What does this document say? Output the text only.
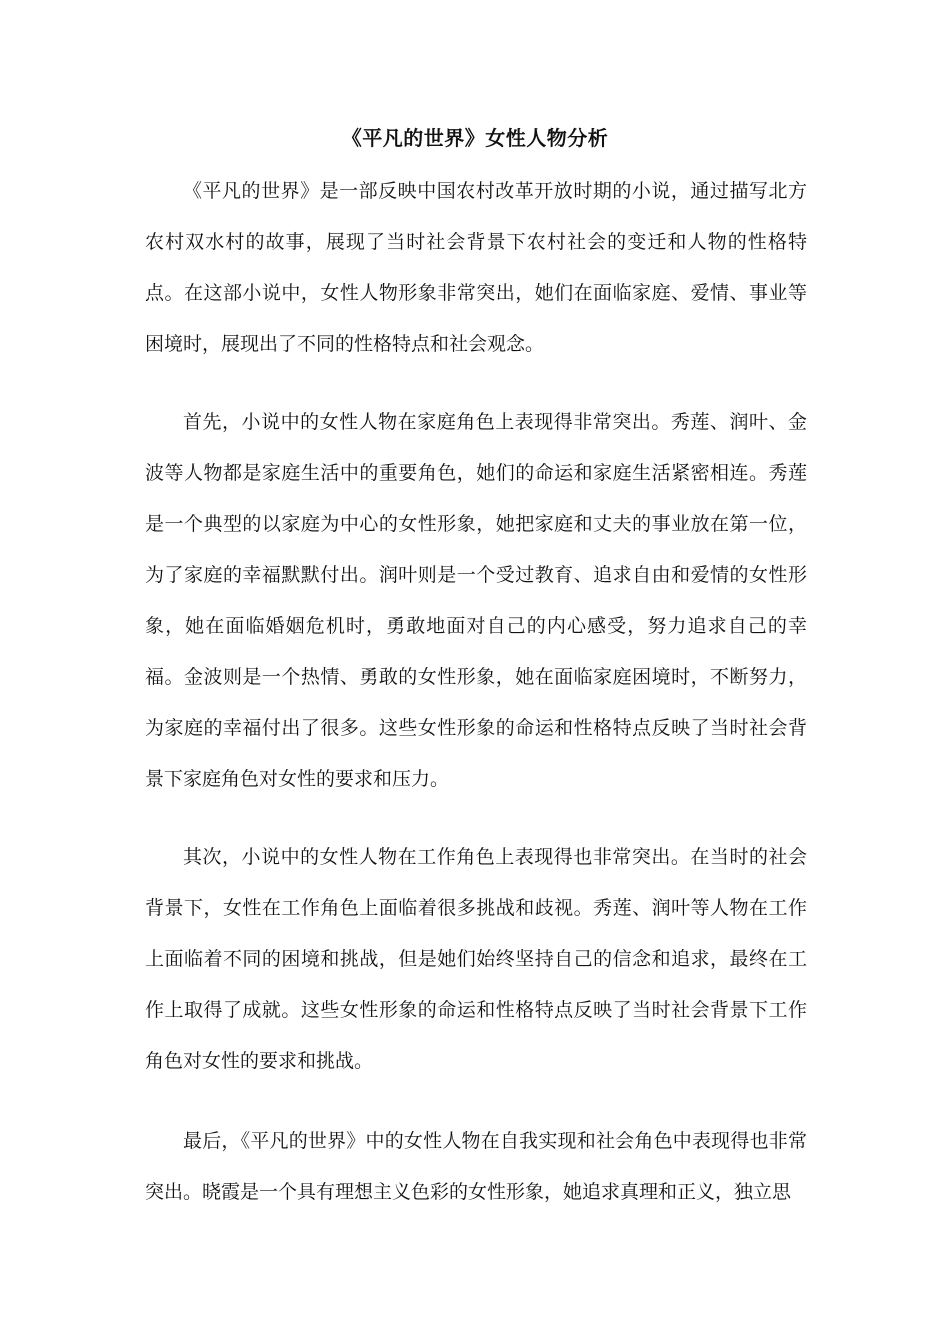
《平凡的世界》女性人物分析

《平凡的世界》是一部反映中国农村改革开放时期的小说，通过描写北方农村双水村的故事，展现了当时社会背景下农村社会的变迁和人物的性格特点。在这部小说中，女性人物形象非常突出，她们在面临家庭、爱情、事业等困境时，展现出了不同的性格特点和社会观念。

首先，小说中的女性人物在家庭角色上表现得非常突出。秀莲、润叶、金波等人物都是家庭生活中的重要角色，她们的命运和家庭生活紧密相连。秀莲是一个典型的以家庭为中心的女性形象，她把家庭和丈夫的事业放在第一位，为了家庭的幸福默默付出。润叶则是一个受过教育、追求自由和爱情的女性形象，她在面临婚姻危机时，勇敢地面对自己的内心感受，努力追求自己的幸福。金波则是一个热情、勇敢的女性形象，她在面临家庭困境时，不断努力，为家庭的幸福付出了很多。这些女性形象的命运和性格特点反映了当时社会背景下家庭角色对女性的要求和压力。

其次，小说中的女性人物在工作角色上表现得也非常突出。在当时的社会背景下，女性在工作角色上面临着很多挑战和歧视。秀莲、润叶等人物在工作上面临着不同的困境和挑战，但是她们始终坚持自己的信念和追求，最终在工作上取得了成就。这些女性形象的命运和性格特点反映了当时社会背景下工作角色对女性的要求和挑战。

最后，《平凡的世界》中的女性人物在自我实现和社会角色中表现得也非常突出。晓霞是一个具有理想主义色彩的女性形象，她追求真理和正义，独立思
